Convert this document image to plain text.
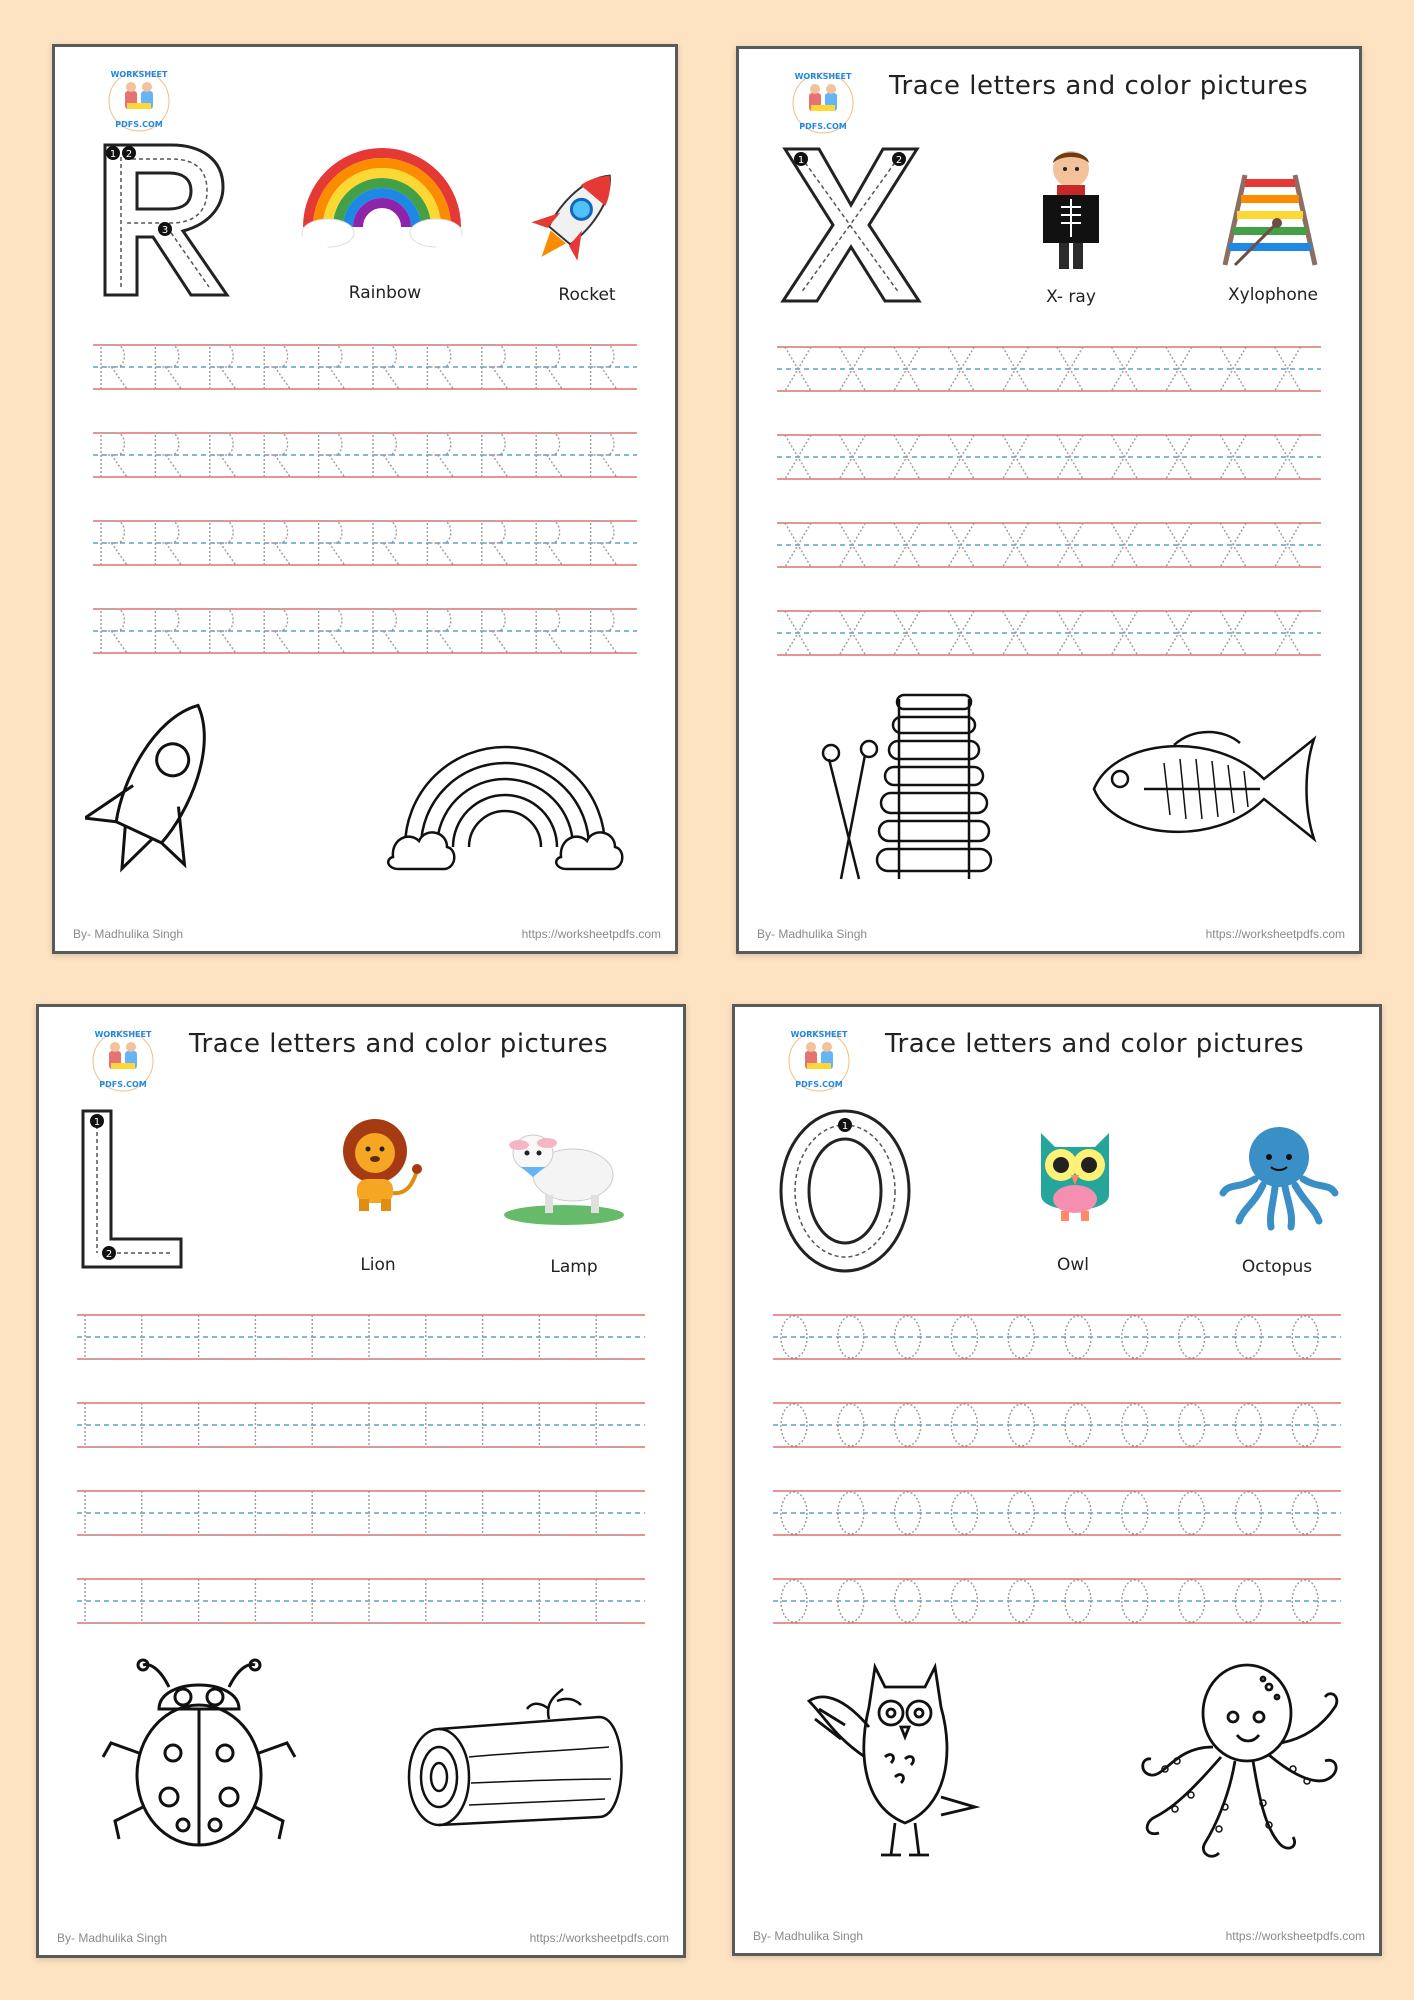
WORKSHEET
PDFS.COM
1 2
3
Rainbow	Rocket
By- Madhulika Singh	https://worksheetpdfs.com
WORKSHEET
PDFS.COM
Trace letters and color pictures
1	2
X- ray	Xylophone
By- Madhulika Singh	https://worksheetpdfs.com
WORKSHEET
PDFS.COM
Trace letters and color pictures
1
2
Lion	Lamp
By- Madhulika Singh	https://worksheetpdfs.com
WORKSHEET
PDFS.COM
Trace letters and color pictures
1
Owl	Octopus
By- Madhulika Singh	https://worksheetpdfs.com
